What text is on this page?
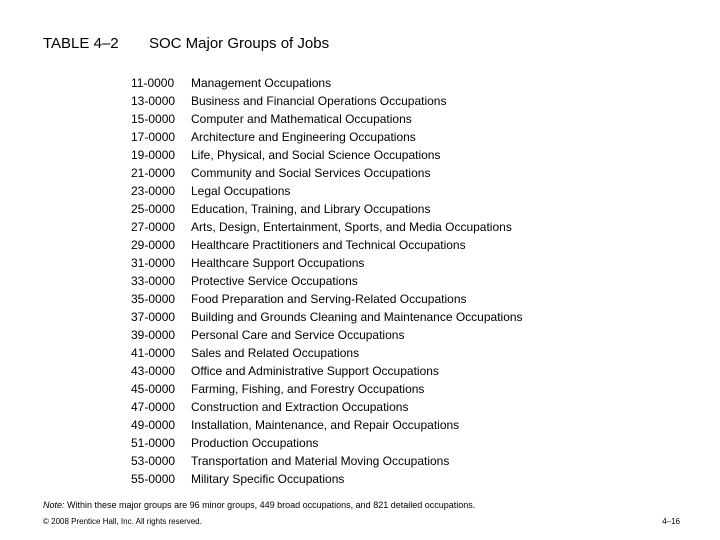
TABLE 4–2 SOC Major Groups of Jobs
11-0000	Management Occupations
13-0000	Business and Financial Operations Occupations
15-0000	Computer and Mathematical Occupations
17-0000	Architecture and Engineering Occupations
19-0000	Life, Physical, and Social Science Occupations
21-0000	Community and Social Services Occupations
23-0000	Legal Occupations
25-0000	Education, Training, and Library Occupations
27-0000	Arts, Design, Entertainment, Sports, and Media Occupations
29-0000	Healthcare Practitioners and Technical Occupations
31-0000	Healthcare Support Occupations
33-0000	Protective Service Occupations
35-0000	Food Preparation and Serving-Related Occupations
37-0000	Building and Grounds Cleaning and Maintenance Occupations
39-0000	Personal Care and Service Occupations
41-0000	Sales and Related Occupations
43-0000	Office and Administrative Support Occupations
45-0000	Farming, Fishing, and Forestry Occupations
47-0000	Construction and Extraction Occupations
49-0000	Installation, Maintenance, and Repair Occupations
51-0000	Production Occupations
53-0000	Transportation and Material Moving Occupations
55-0000	Military Specific Occupations
Note: Within these major groups are 96 minor groups, 449 broad occupations, and 821 detailed occupations.
© 2008 Prentice Hall, Inc. All rights reserved.	4–16
